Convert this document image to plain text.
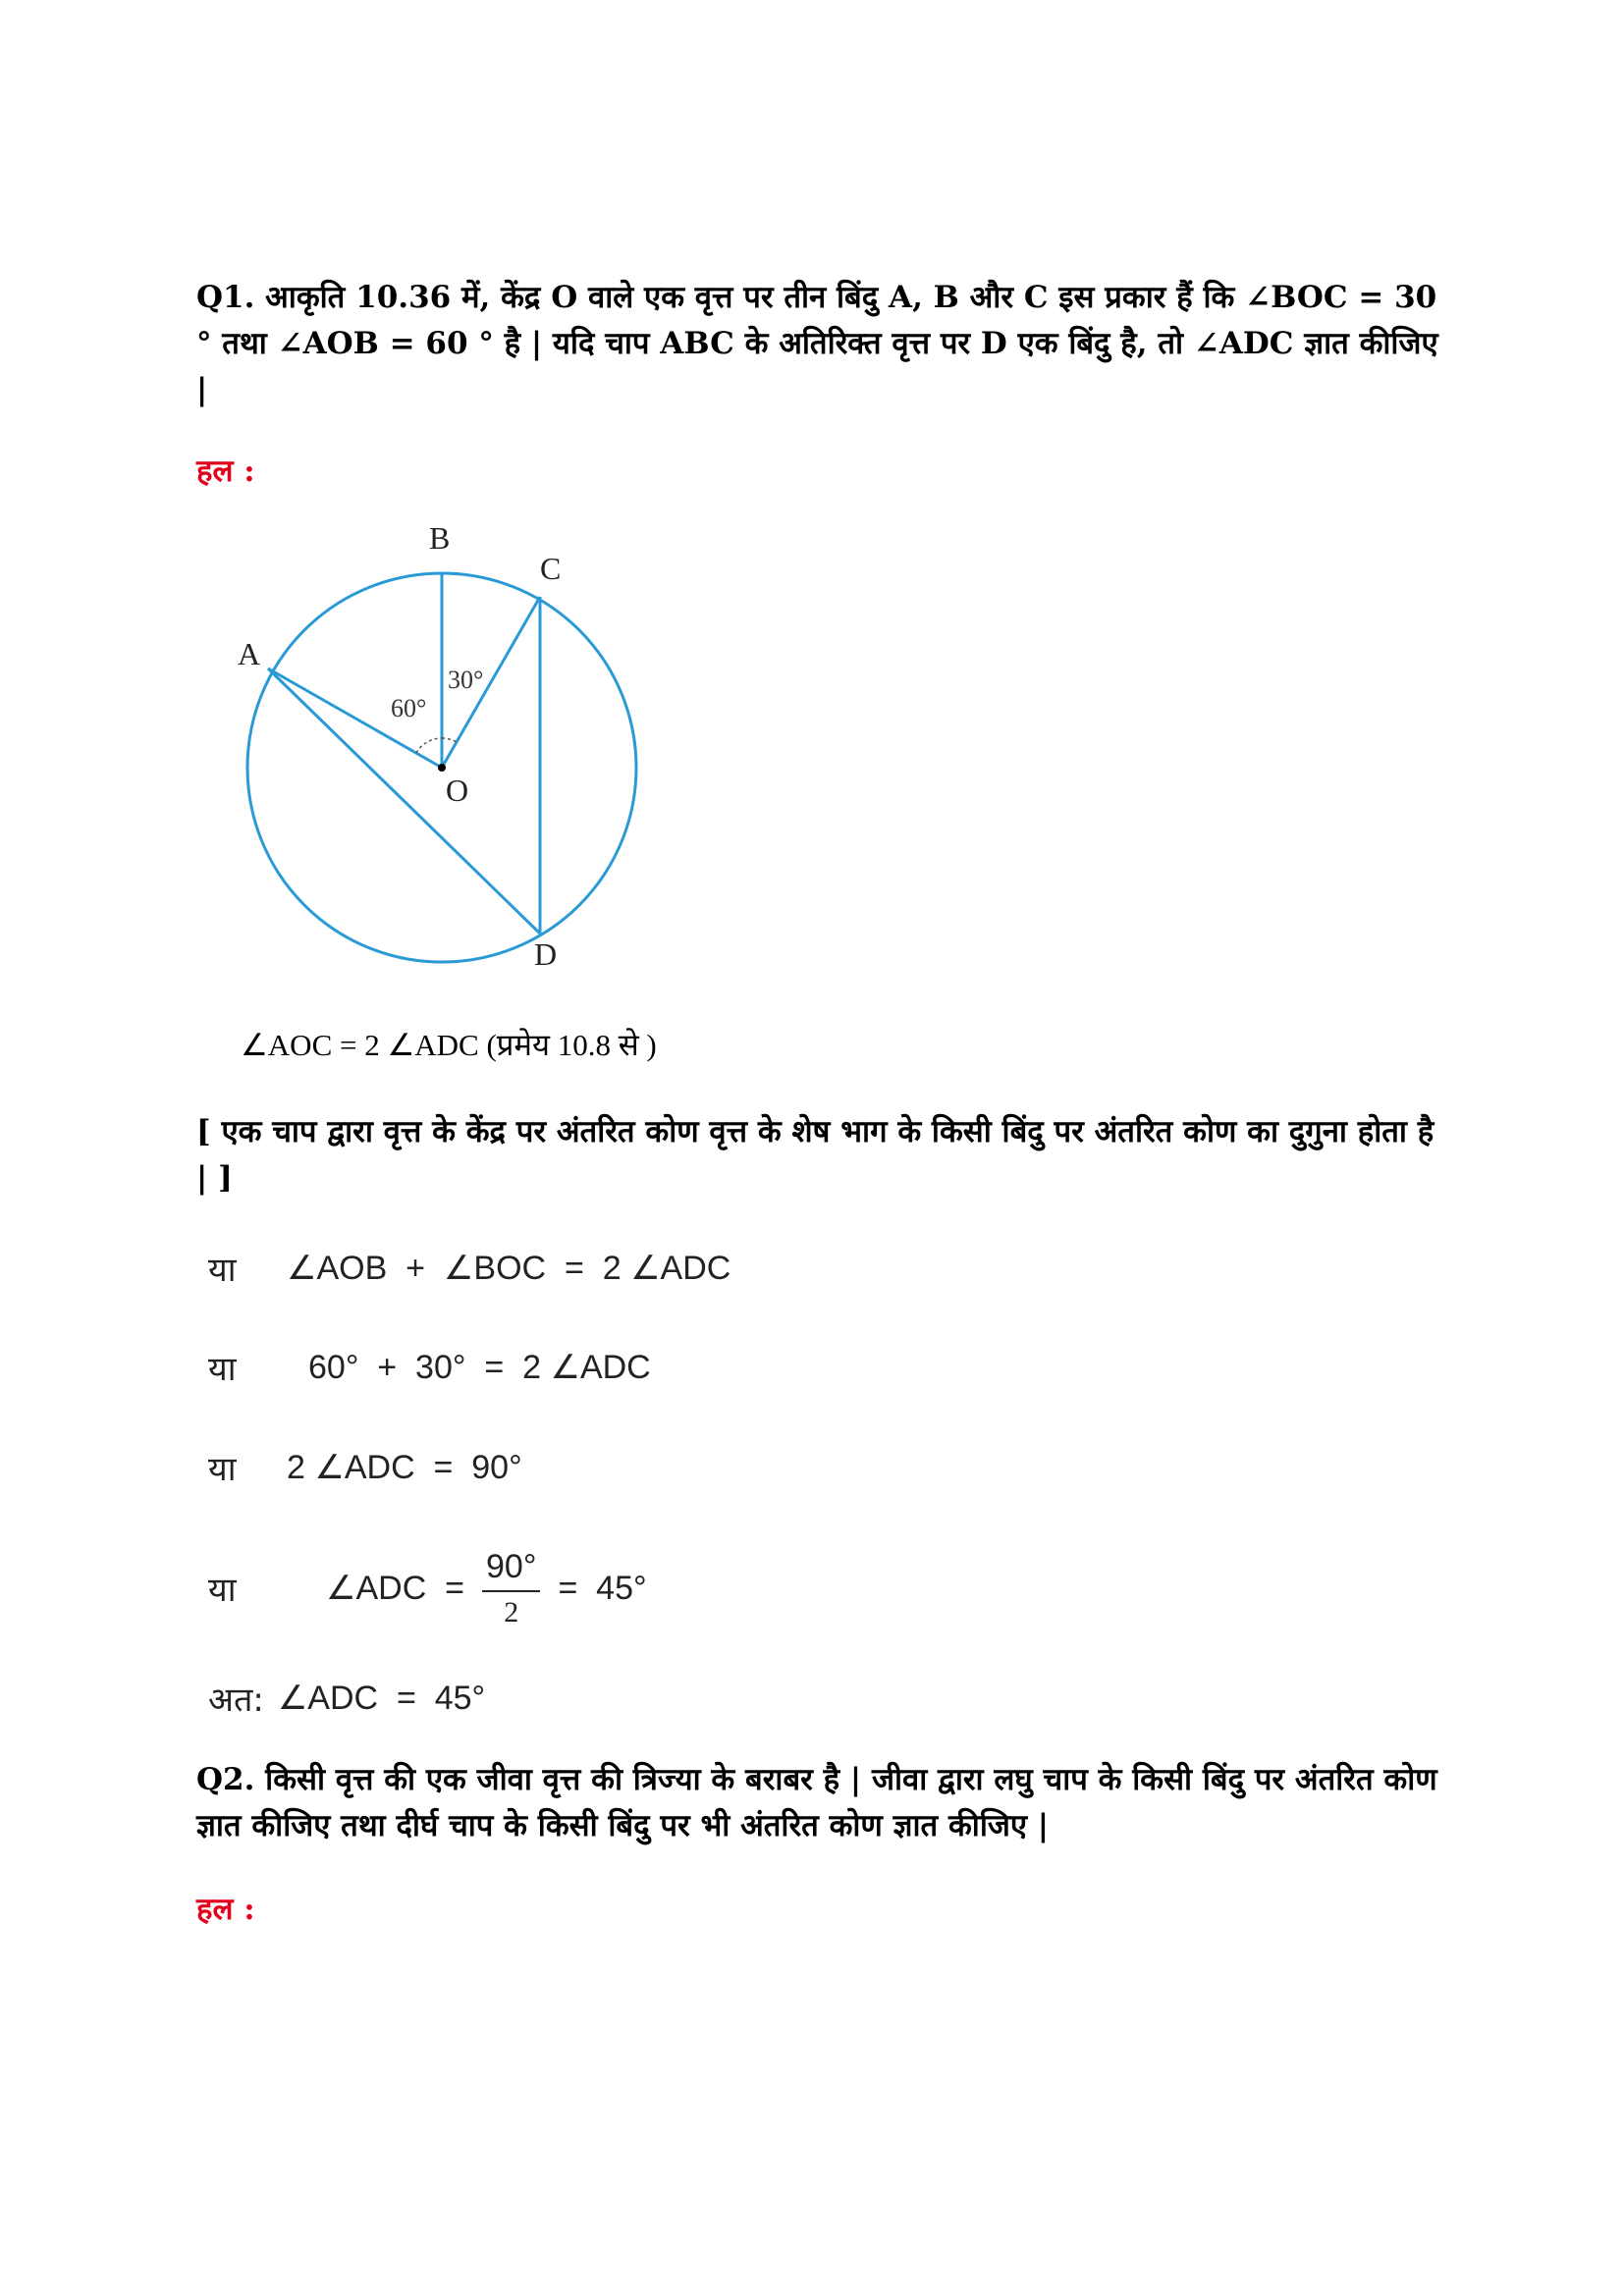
Q1. आकृति 10.36 में, केंद्र O वाले एक वृत्त पर तीन बिंदु A, B और C इस प्रकार हैं कि ∠BOC = 30 ° तथा ∠AOB = 60 ° है | यदि चाप ABC के अतिरिक्त वृत्त पर D एक बिंदु है, तो ∠ADC ज्ञात कीजिए |
हल :
B
C
A
O
D
60°
30°
∠AOC = 2 ∠ADC (प्रमेय 10.8 से )
[ एक चाप द्वारा वृत्त के केंद्र पर अंतरित कोण वृत्त के शेष भाग के किसी बिंदु पर अंतरित कोण का दुगुना होता है | ]
या	∠AOB  +  ∠BOC  =  2 ∠ADC
या	60°  +  30°  =  2 ∠ADC
या	2 ∠ADC  =  90°
या	∠ADC  = $\frac{90^\circ}{2} = 45^\circ$
अत: ∠ADC  =  45°
Q2. किसी वृत्त की एक जीवा वृत्त की त्रिज्या के बराबर है | जीवा द्वारा लघु चाप के किसी बिंदु पर अंतरित कोण ज्ञात कीजिए तथा दीर्घ चाप के किसी बिंदु पर भी अंतरित कोण ज्ञात कीजिए |
हल :
